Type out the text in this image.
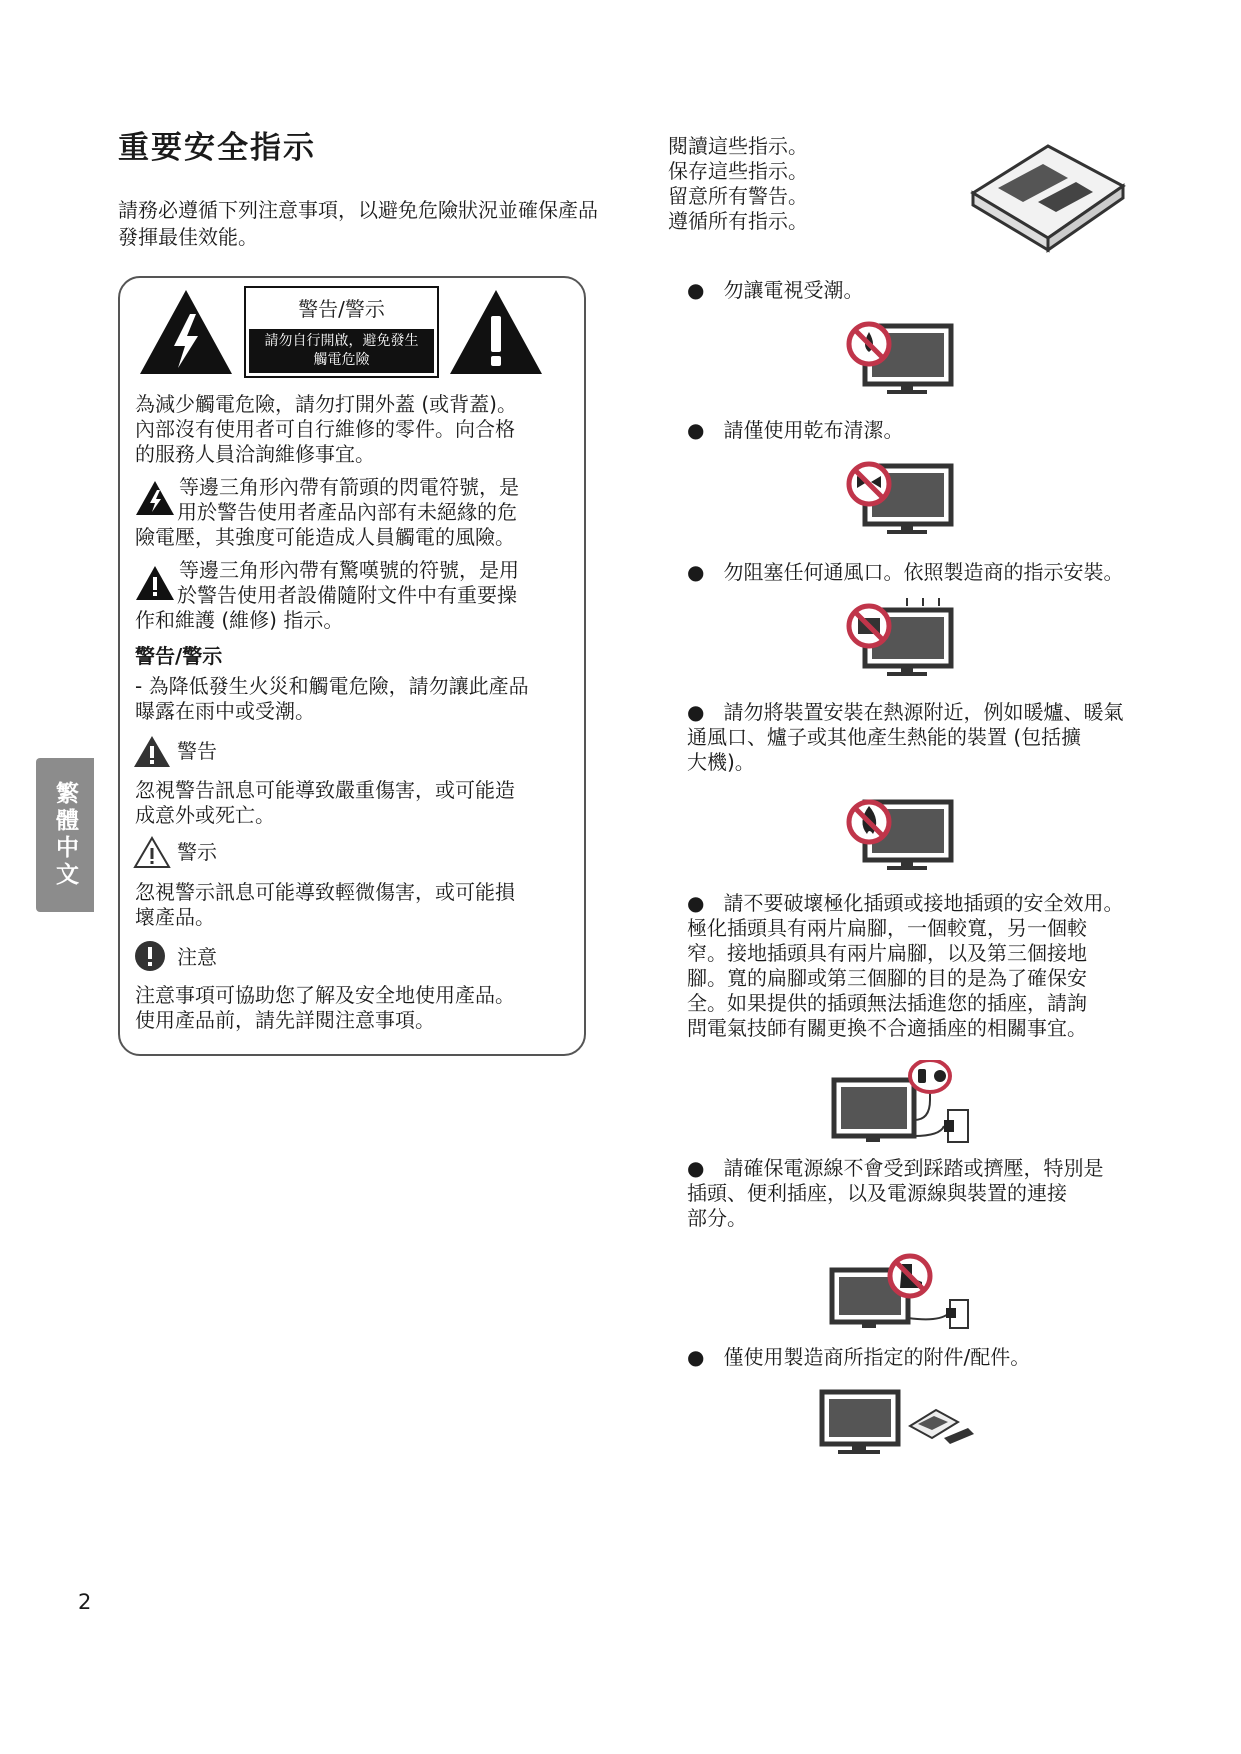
重要安全指示
請務必遵循下列注意事項，以避免危險狀況並確保產品發揮最佳效能。
警告/警示
請勿自行開啟，避免發生
觸電危險
為減少觸電危險，請勿打開外蓋 (或背蓋)。
內部沒有使用者可自行維修的零件。向合格
的服務人員洽詢維修事宜。
等邊三角形內帶有箭頭的閃電符號，是
用於警告使用者產品內部有未絕緣的危
險電壓，其強度可能造成人員觸電的風險。
等邊三角形內帶有驚嘆號的符號，是用
於警告使用者設備隨附文件中有重要操
作和維護 (維修) 指示。
警告/警示
- 為降低發生火災和觸電危險，請勿讓此產品
曝露在雨中或受潮。
警告
忽視警告訊息可能導致嚴重傷害，或可能造
成意外或死亡。
警示
忽視警示訊息可能導致輕微傷害，或可能損
壞產品。
注意
注意事項可協助您了解及安全地使用產品。
使用產品前，請先詳閱注意事項。
閱讀這些指示。
保存這些指示。
留意所有警告。
遵循所有指示。
● 勿讓電視受潮。
● 請僅使用乾布清潔。
● 勿阻塞任何通風口。依照製造商的指示安裝。
● 請勿將裝置安裝在熱源附近，例如暖爐、暖氣
通風口、爐子或其他產生熱能的裝置 (包括擴
大機)。
● 請不要破壞極化插頭或接地插頭的安全效用。
極化插頭具有兩片扁腳，一個較寬，另一個較
窄。接地插頭具有兩片扁腳，以及第三個接地
腳。寬的扁腳或第三個腳的目的是為了確保安
全。如果提供的插頭無法插進您的插座，請詢
問電氣技師有關更換不合適插座的相關事宜。
● 請確保電源線不會受到踩踏或擠壓，特別是
插頭、便利插座，以及電源線與裝置的連接
部分。
● 僅使用製造商所指定的附件/配件。
繁體中文
2
